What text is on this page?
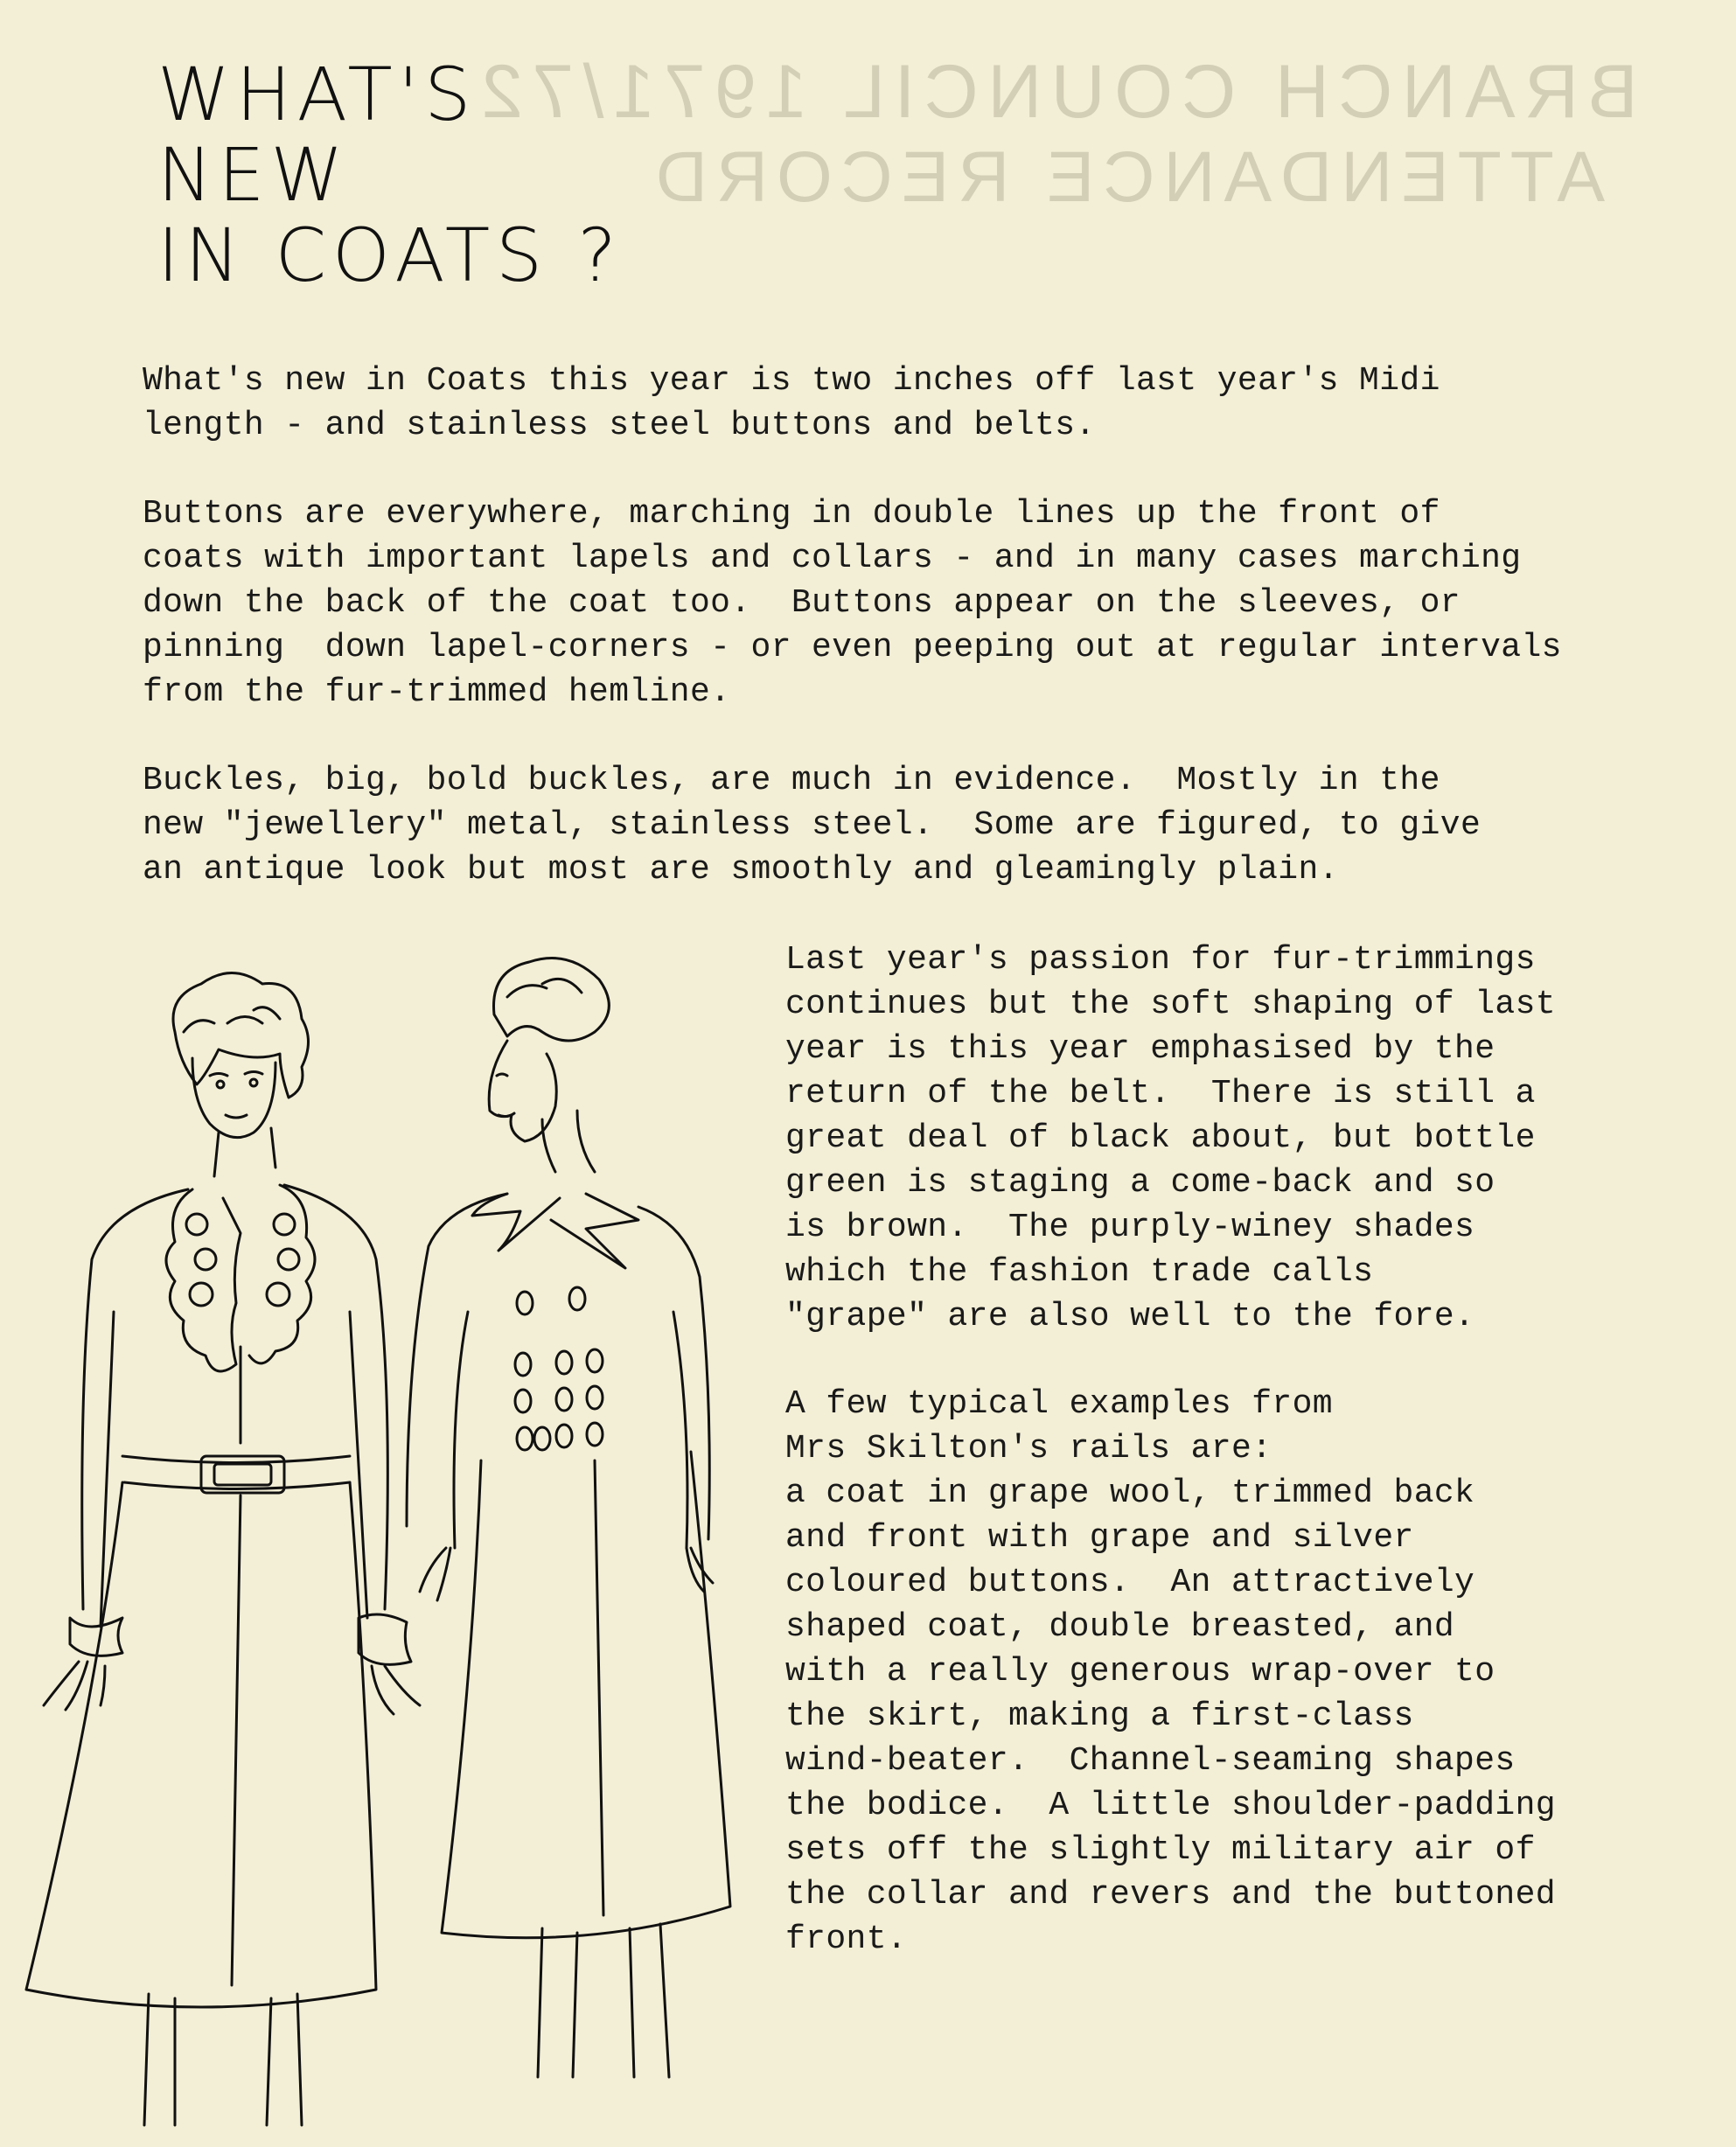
BRANCH COUNCIL 1971/72
ATTENDANCE RECORD
WHAT'S
NEW
IN COATS ?

What's new in Coats this year is two inches off last year's Midi
length - and stainless steel buttons and belts.

Buttons are everywhere, marching in double lines up the front of
coats with important lapels and collars - and in many cases marching
down the back of the coat too.  Buttons appear on the sleeves, or
pinning  down lapel-corners - or even peeping out at regular intervals
from the fur-trimmed hemline.

Buckles, big, bold buckles, are much in evidence.  Mostly in the
new "jewellery" metal, stainless steel.  Some are figured, to give
an antique look but most are smoothly and gleamingly plain.

Last year's passion for fur-trimmings
continues but the soft shaping of last
year is this year emphasised by the
return of the belt.  There is still a
great deal of black about, but bottle
green is staging a come-back and so
is brown.  The purply-winey shades
which the fashion trade calls
"grape" are also well to the fore.

A few typical examples from
Mrs Skilton's rails are:
a coat in grape wool, trimmed back
and front with grape and silver
coloured buttons.  An attractively
shaped coat, double breasted, and
with a really generous wrap-over to
the skirt, making a first-class
wind-beater.  Channel-seaming shapes
the bodice.  A little shoulder-padding
sets off the slightly military air of
the collar and revers and the buttoned
front.
